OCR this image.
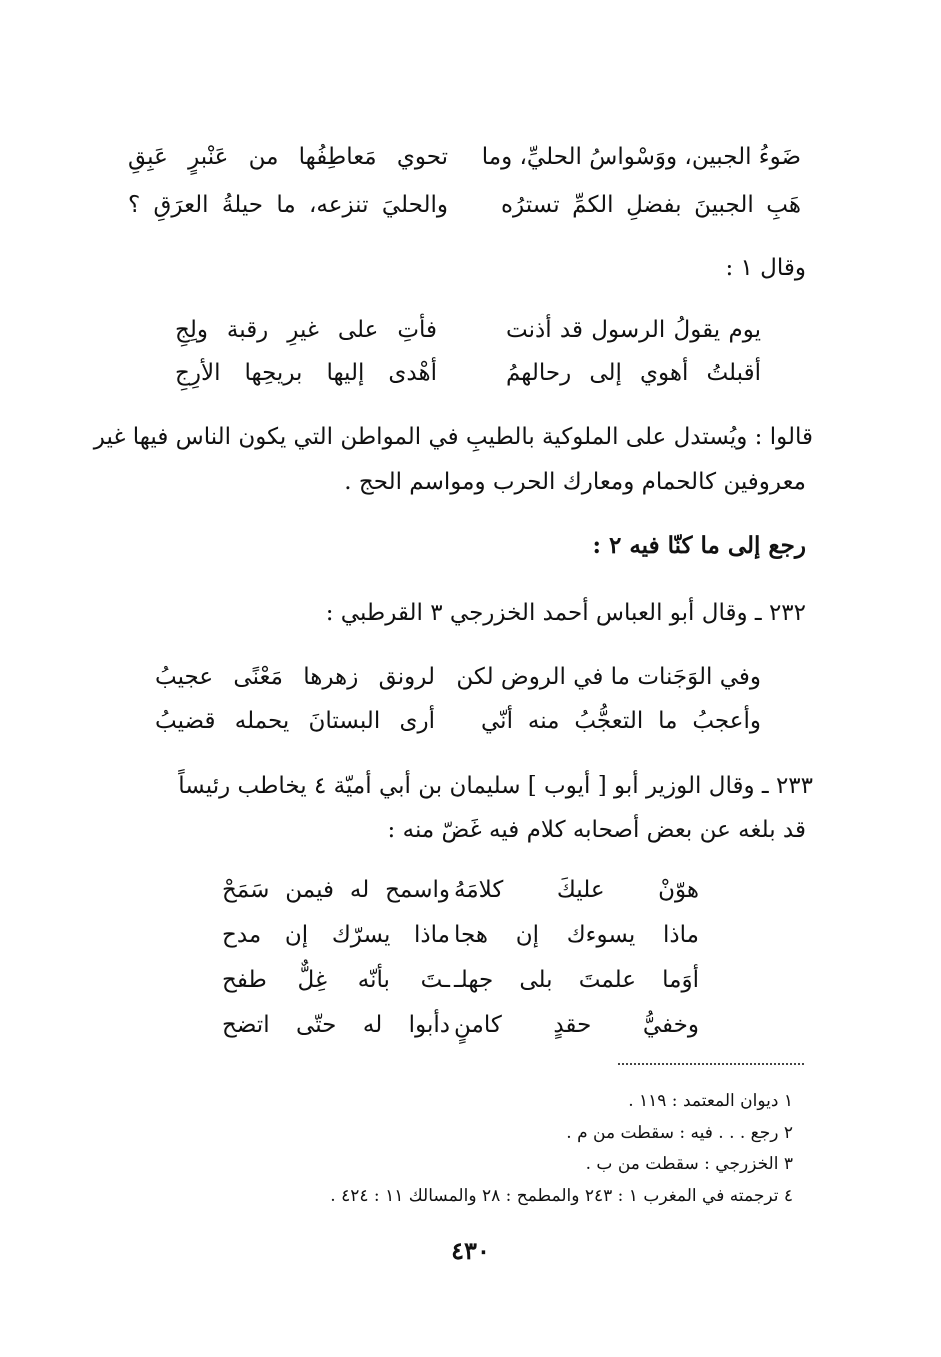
ضَوءُ الجبين، ووَسْواسُ الحليِّ، وما
تحوي مَعاطِفُها من عَنْبرٍ عَبِقِ
هَبِ الجبينَ بفضلِ الكمِّ تسترُه
والحليَ تنزعه، ما حيلةُ العرَقِ ؟
وقال ١ :
يوم يقولُ الرسول قد أذنت
فأتِ على غيرِ رقبة ولِجِ
أقبلتُ أهوي إلى رحالهمُ
أهْدى إليها بريحِها الأرِجِ
قالوا : ويُستدل على الملوكية بالطيبِ في المواطن التي يكون الناس فيها غير
معروفين كالحمام ومعارك الحرب ومواسم الحج .
رجع إلى ما كنّا فيه ٢ :
٢٣٢ ـ وقال أبو العباس أحمد الخزرجي ٣ القرطبي :
وفي الوَجَنات ما في الروض لكن
لرونق زهرها مَعْنًى عجيبُ
وأعجبُ ما التعجُّبُ منه أنّي
أرى البستانَ يحمله قضيبُ
٢٣٣ ـ وقال الوزير أبو [ أيوب ] سليمان بن أبي أميّة ٤ يخاطب رئيساً
قد بلغه عن بعض أصحابه كلام فيه غَضّ منه :
هوّنْ عليكَ كلامَهُ
واسمح له فيمن سَمَحْ
ماذا يسوءك إن هجا
ماذا يسرّك إن مدح
أوَما علمتَ بلى جهلـ
ـتَ بأنّه غِلٌّ طفح
وخفيُّ حقدٍ كامنٍ
دأبوا له حتّى اتضح
١ ديوان المعتمد : ١١٩ .
٢ رجع . . . فيه : سقطت من م .
٣ الخزرجي : سقطت من ب .
٤ ترجمته في المغرب ١ : ٢٤٣ والمطمح : ٢٨ والمسالك ١١ : ٤٢٤ .
٤٣٠
